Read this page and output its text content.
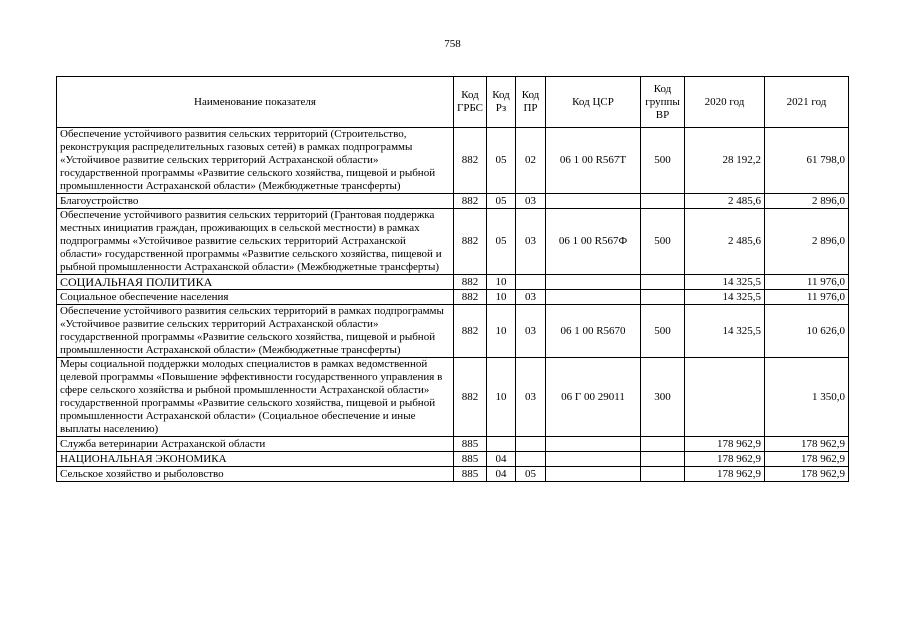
758
Наименование показателя	Код ГРБС	Код Рз	Код ПР	Код ЦСР	Код группы ВР	2020 год	2021 год
Обеспечение устойчивого развития сельских территорий (Строительство, реконструкция распределительных газовых сетей) в рамках подпрограммы «Устойчивое развитие сельских территорий Астраханской области» государственной программы «Развитие сельского хозяйства, пищевой и рыбной промышленности Астраханской области» (Межбюджетные трансферты)	882	05	02	06 1 00 R567Т	500	28 192,2	61 798,0
Благоустройство	882	05	03			2 485,6	2 896,0
Обеспечение устойчивого развития сельских территорий (Грантовая поддержка местных инициатив граждан, проживающих в сельской местности) в рамках подпрограммы «Устойчивое развитие сельских территорий Астраханской области» государственной программы «Развитие сельского хозяйства, пищевой и рыбной промышленности Астраханской области» (Межбюджетные трансферты)	882	05	03	06 1 00 R567Ф	500	2 485,6	2 896,0
СОЦИАЛЬНАЯ ПОЛИТИКА	882	10				14 325,5	11 976,0
Социальное обеспечение населения	882	10	03			14 325,5	11 976,0
Обеспечение устойчивого развития сельских территорий в рамках подпрограммы «Устойчивое развитие сельских территорий Астраханской области» государственной программы «Развитие сельского хозяйства, пищевой и рыбной промышленности Астраханской области» (Межбюджетные трансферты)	882	10	03	06 1 00 R5670	500	14 325,5	10 626,0
Меры социальной поддержки молодых специалистов в рамках ведомственной целевой программы «Повышение эффективности государственного управления в сфере сельского хозяйства и рыбной промышленности Астраханской области» государственной программы «Развитие сельского хозяйства, пищевой и рыбной промышленности Астраханской области» (Социальное обеспечение и иные выплаты населению)	882	10	03	06 Г 00 29011	300		1 350,0
Служба ветеринарии Астраханской области	885					178 962,9	178 962,9
НАЦИОНАЛЬНАЯ ЭКОНОМИКА	885	04				178 962,9	178 962,9
Сельское хозяйство и рыболовство	885	04	05			178 962,9	178 962,9
